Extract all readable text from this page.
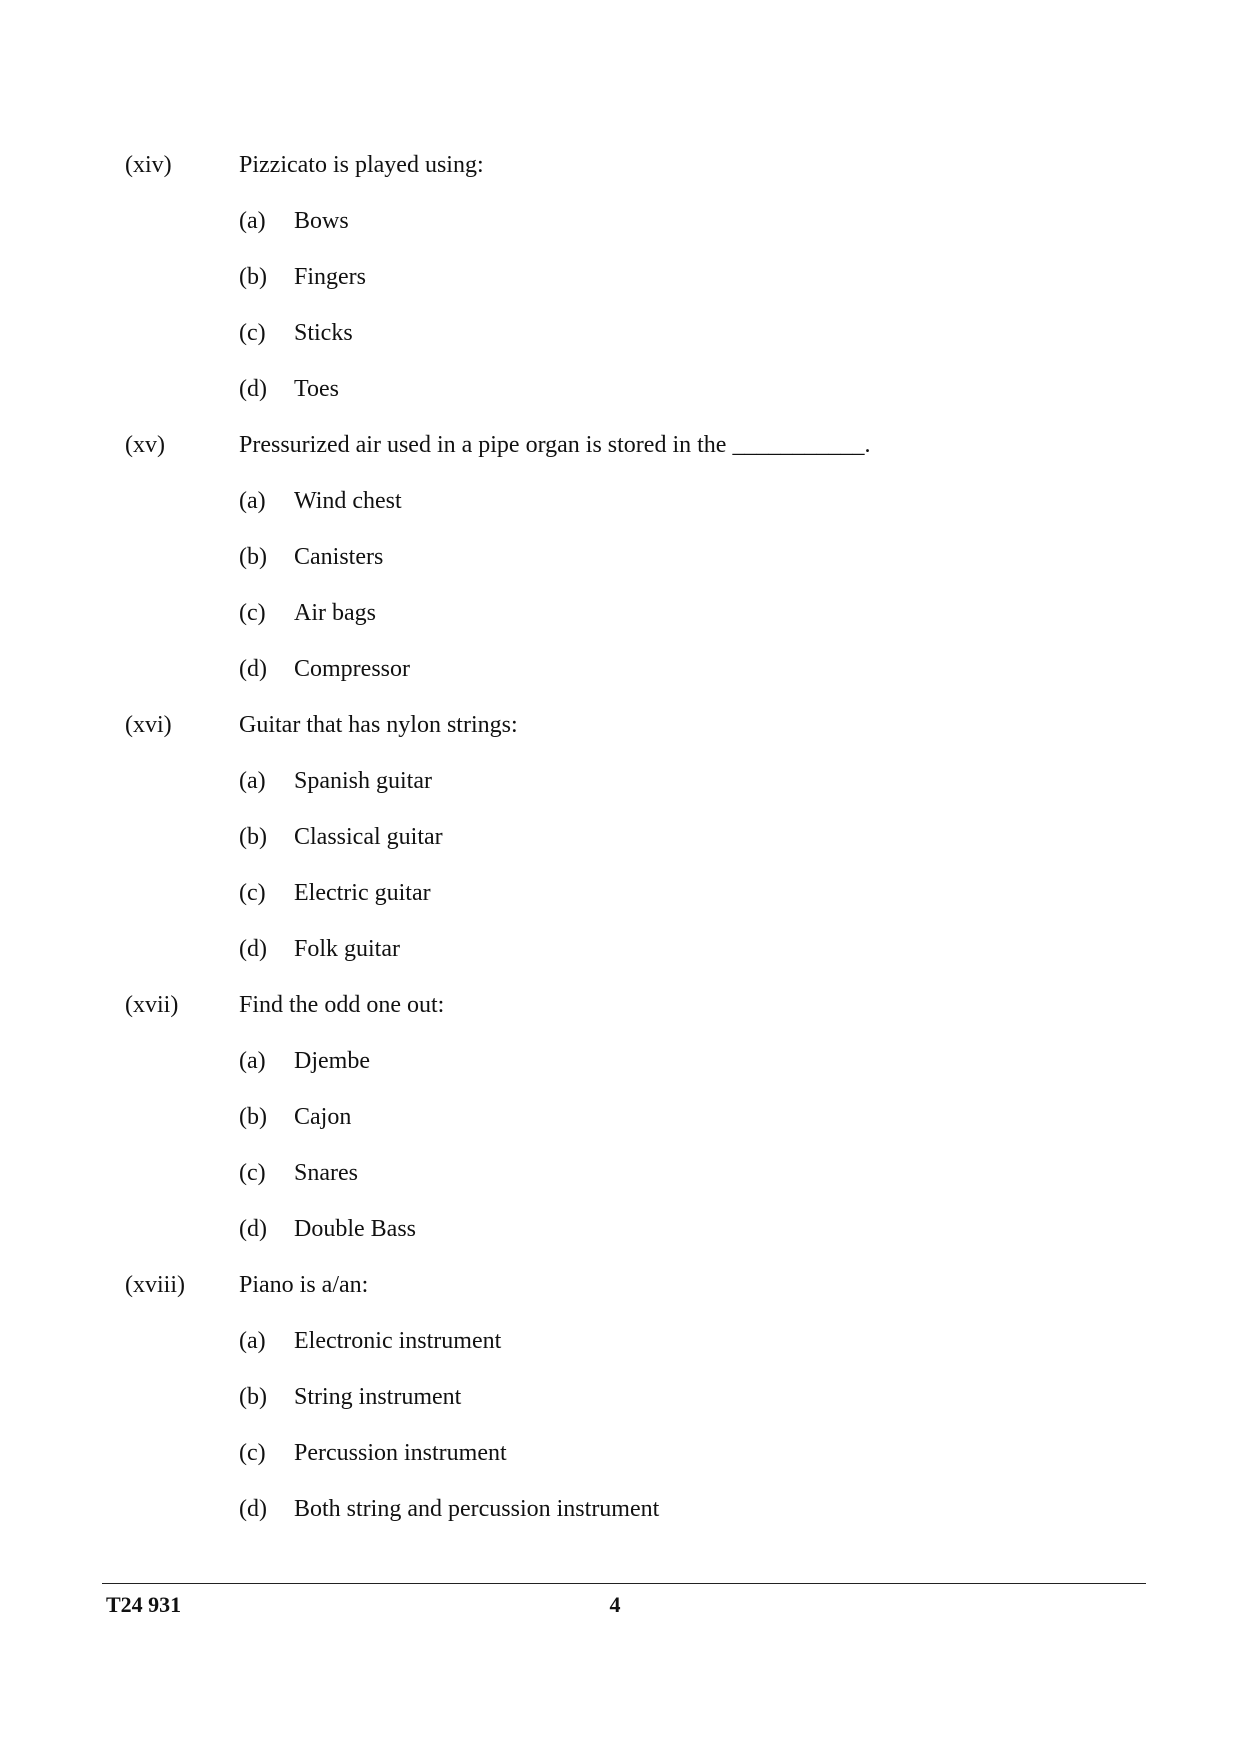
(xiv)	Pizzicato is played using:
(a)	Bows
(b)	Fingers
(c)	Sticks
(d)	Toes
(xv)	Pressurized air used in a pipe organ is stored in the ___________.
(a)	Wind chest
(b)	Canisters
(c)	Air bags
(d)	Compressor
(xvi)	Guitar that has nylon strings:
(a)	Spanish guitar
(b)	Classical guitar
(c)	Electric guitar
(d)	Folk guitar
(xvii)	Find the odd one out:
(a)	Djembe
(b)	Cajon
(c)	Snares
(d)	Double Bass
(xviii)	Piano is a/an:
(a)	Electronic instrument
(b)	String instrument
(c)	Percussion instrument
(d)	Both string and percussion instrument
T24 931	4
